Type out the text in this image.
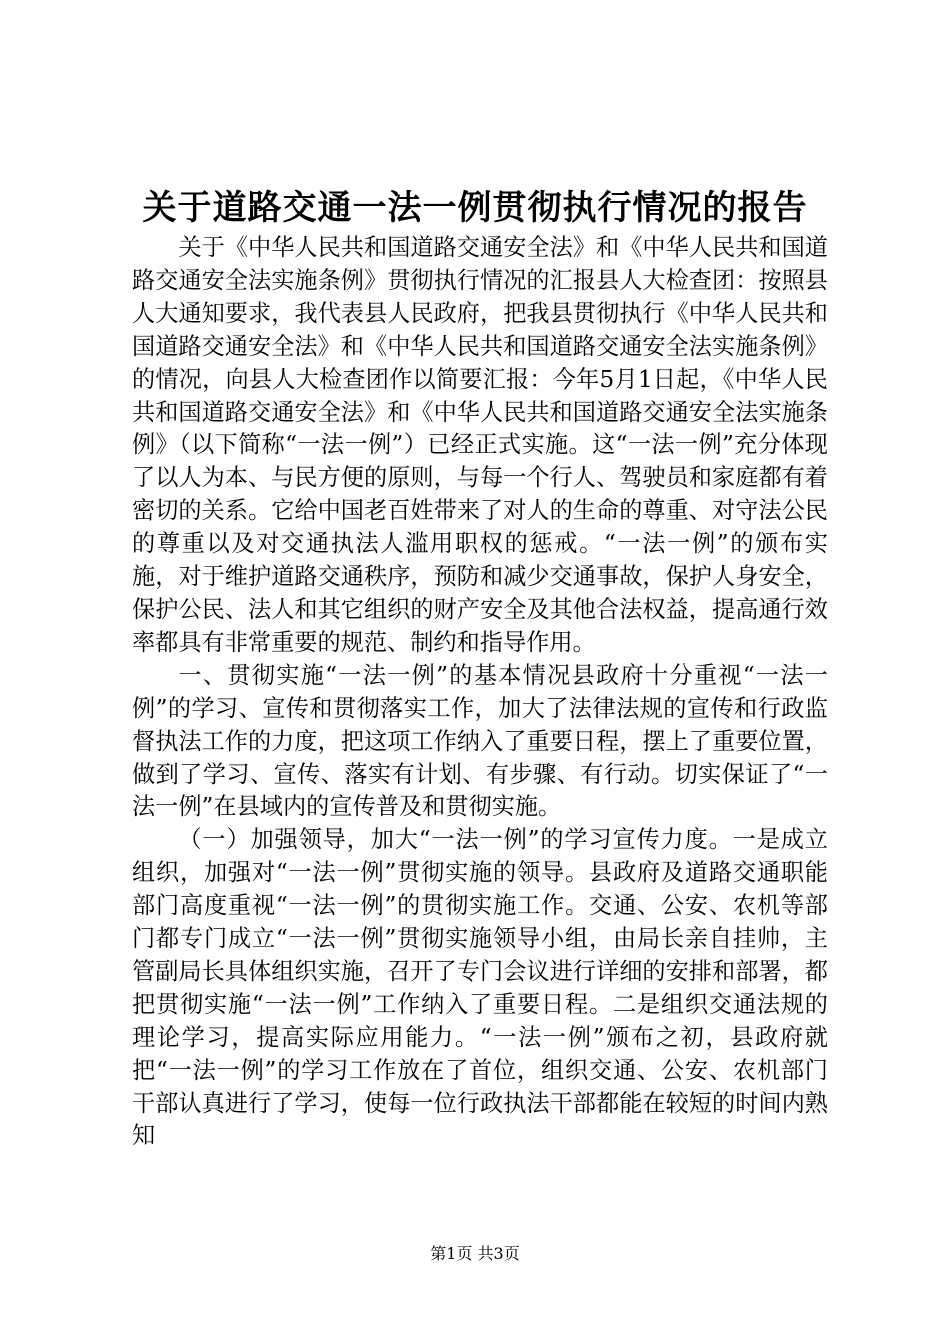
关于道路交通一法一例贯彻执行情况的报告

关于《中华人民共和国道路交通安全法》和《中华人民共和国道路交通安全法实施条例》贯彻执行情况的汇报县人大检查团：按照县人大通知要求，我代表县人民政府，把我县贯彻执行《中华人民共和国道路交通安全法》和《中华人民共和国道路交通安全法实施条例》的情况，向县人大检查团作以简要汇报：今年5月1日起，《中华人民共和国道路交通安全法》和《中华人民共和国道路交通安全法实施条例》（以下简称“一法一例”）已经正式实施。这“一法一例”充分体现了以人为本、与民方便的原则，与每一个行人、驾驶员和家庭都有着密切的关系。它给中国老百姓带来了对人的生命的尊重、对守法公民的尊重以及对交通执法人滥用职权的惩戒。“一法一例”的颁布实施，对于维护道路交通秩序，预防和减少交通事故，保护人身安全，保护公民、法人和其它组织的财产安全及其他合法权益，提高通行效率都具有非常重要的规范、制约和指导作用。

一、贯彻实施“一法一例”的基本情况县政府十分重视“一法一例”的学习、宣传和贯彻落实工作，加大了法律法规的宣传和行政监督执法工作的力度，把这项工作纳入了重要日程，摆上了重要位置，做到了学习、宣传、落实有计划、有步骤、有行动。切实保证了“一法一例”在县域内的宣传普及和贯彻实施。

（一）加强领导，加大“一法一例”的学习宣传力度。一是成立组织，加强对“一法一例”贯彻实施的领导。县政府及道路交通职能部门高度重视“一法一例”的贯彻实施工作。交通、公安、农机等部门都专门成立“一法一例”贯彻实施领导小组，由局长亲自挂帅，主管副局长具体组织实施，召开了专门会议进行详细的安排和部署，都把贯彻实施“一法一例”工作纳入了重要日程。二是组织交通法规的理论学习，提高实际应用能力。“一法一例”颁布之初，县政府就把“一法一例”的学习工作放在了首位，组织交通、公安、农机部门干部认真进行了学习，使每一位行政执法干部都能在较短的时间内熟知

第1页 共3页
